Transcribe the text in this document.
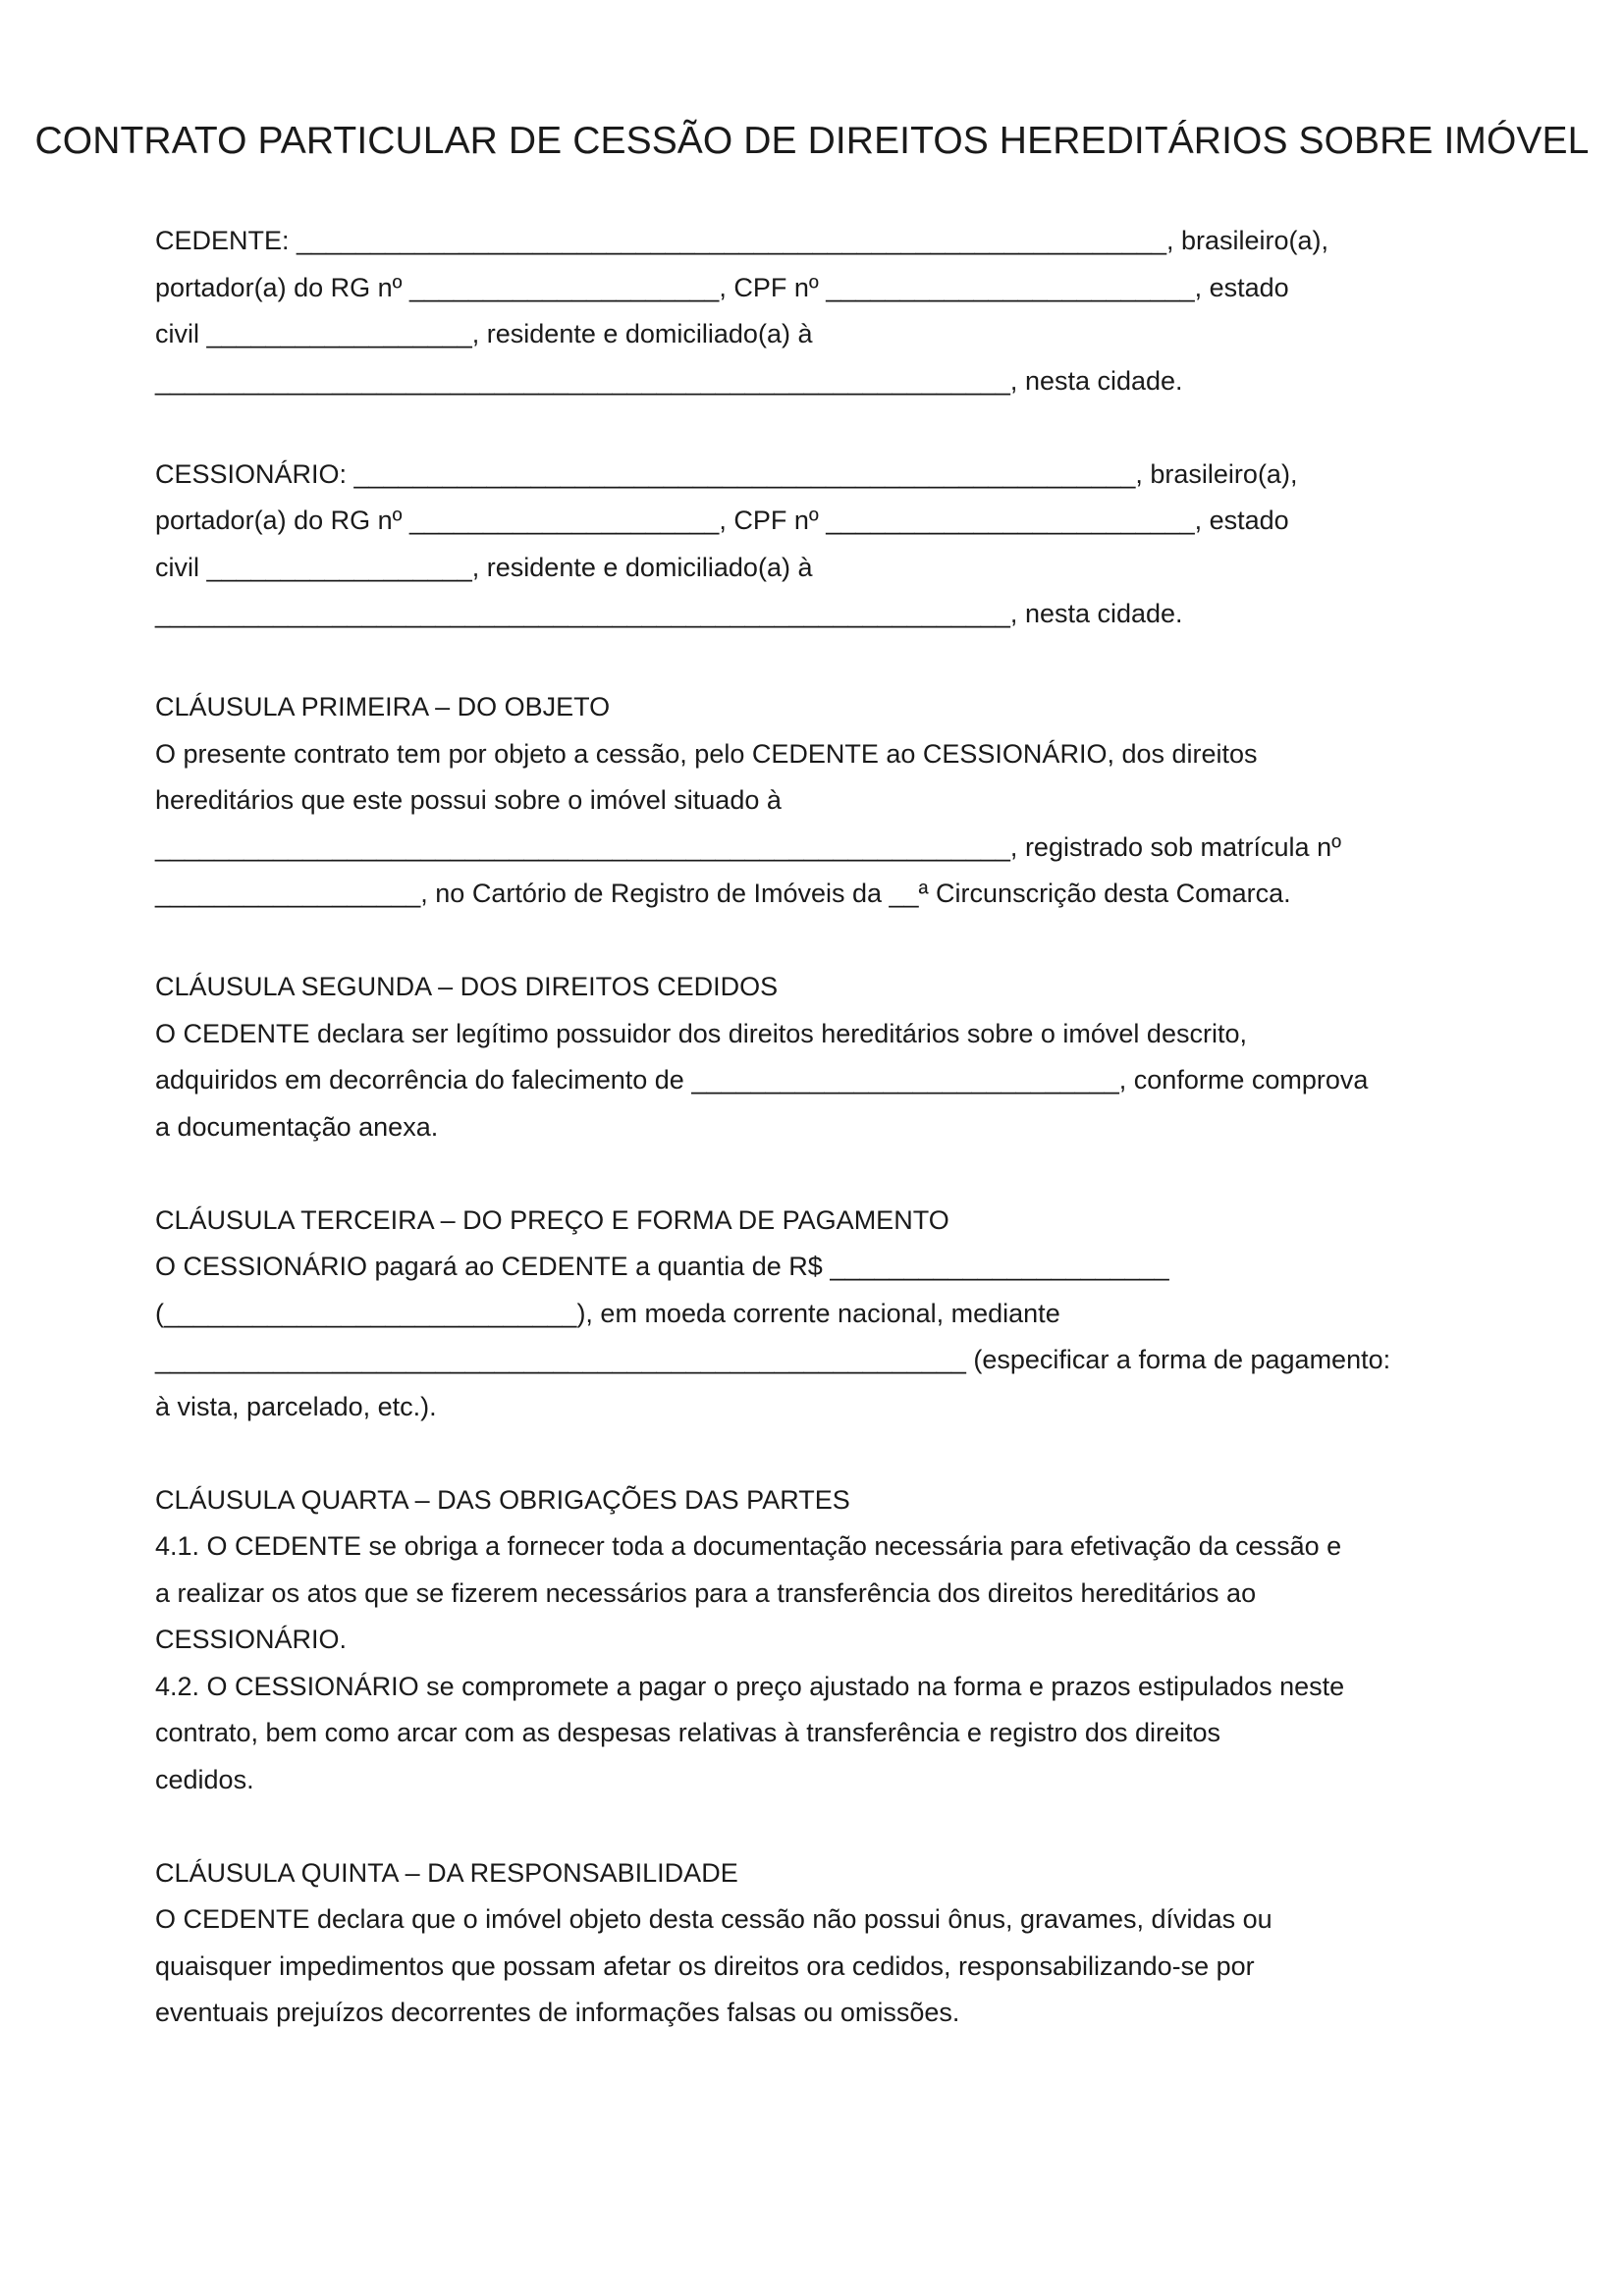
CONTRATO PARTICULAR DE CESSÃO DE DIREITOS HEREDITÁRIOS SOBRE IMÓVEL
CEDENTE: ___________________________________________________________, brasileiro(a),
portador(a) do RG nº _____________________, CPF nº _________________________, estado
civil __________________, residente e domiciliado(a) à
__________________________________________________________, nesta cidade.
CESSIONÁRIO: _____________________________________________________, brasileiro(a),
portador(a) do RG nº _____________________, CPF nº _________________________, estado
civil __________________, residente e domiciliado(a) à
__________________________________________________________, nesta cidade.
CLÁUSULA PRIMEIRA – DO OBJETO
O presente contrato tem por objeto a cessão, pelo CEDENTE ao CESSIONÁRIO, dos direitos
hereditários que este possui sobre o imóvel situado à
__________________________________________________________, registrado sob matrícula nº
__________________, no Cartório de Registro de Imóveis da __ª Circunscrição desta Comarca.
CLÁUSULA SEGUNDA – DOS DIREITOS CEDIDOS
O CEDENTE declara ser legítimo possuidor dos direitos hereditários sobre o imóvel descrito,
adquiridos em decorrência do falecimento de _____________________________, conforme comprova
a documentação anexa.
CLÁUSULA TERCEIRA – DO PREÇO E FORMA DE PAGAMENTO
O CESSIONÁRIO pagará ao CEDENTE a quantia de R$ _______________________
(____________________________), em moeda corrente nacional, mediante
_______________________________________________________ (especificar a forma de pagamento:
à vista, parcelado, etc.).
CLÁUSULA QUARTA – DAS OBRIGAÇÕES DAS PARTES
4.1. O CEDENTE se obriga a fornecer toda a documentação necessária para efetivação da cessão e
a realizar os atos que se fizerem necessários para a transferência dos direitos hereditários ao
CESSIONÁRIO.
4.2. O CESSIONÁRIO se compromete a pagar o preço ajustado na forma e prazos estipulados neste
contrato, bem como arcar com as despesas relativas à transferência e registro dos direitos
cedidos.
CLÁUSULA QUINTA – DA RESPONSABILIDADE
O CEDENTE declara que o imóvel objeto desta cessão não possui ônus, gravames, dívidas ou
quaisquer impedimentos que possam afetar os direitos ora cedidos, responsabilizando-se por
eventuais prejuízos decorrentes de informações falsas ou omissões.
